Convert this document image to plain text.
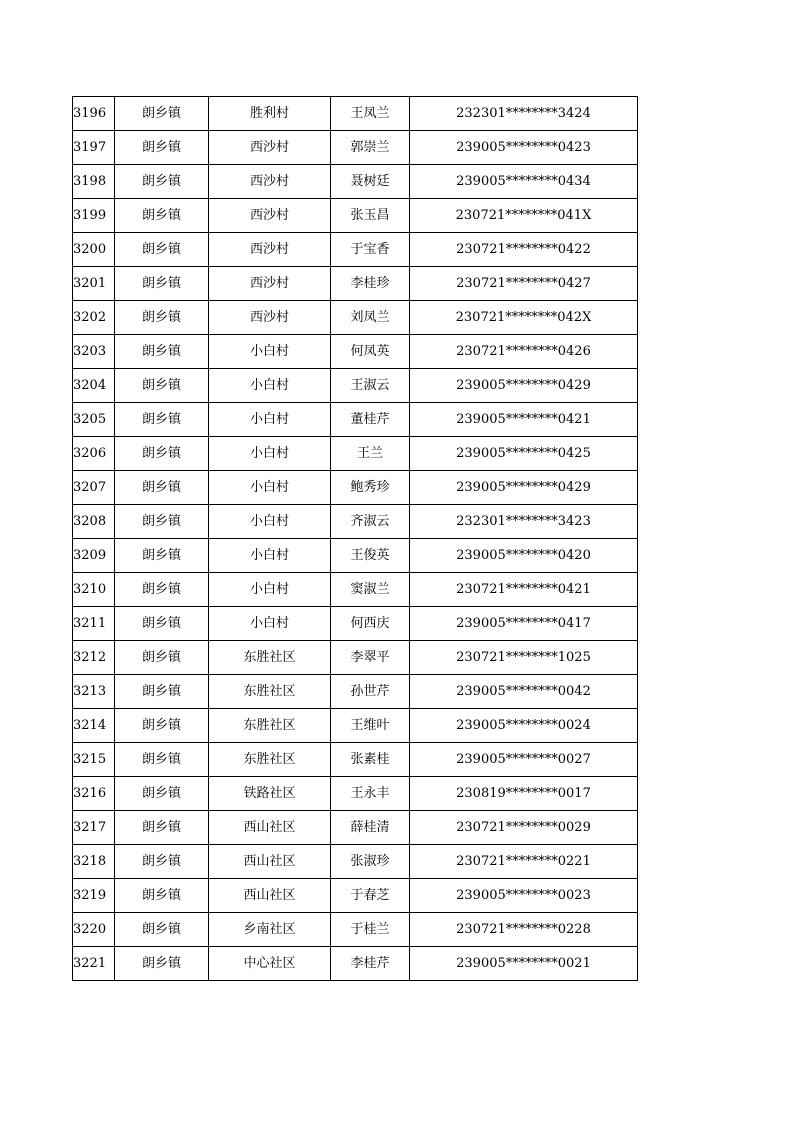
3196	朗乡镇	胜利村	王凤兰	232301********3424
3197	朗乡镇	西沙村	郭崇兰	239005********0423
3198	朗乡镇	西沙村	聂树廷	239005********0434
3199	朗乡镇	西沙村	张玉昌	230721********041X
3200	朗乡镇	西沙村	于宝香	230721********0422
3201	朗乡镇	西沙村	李桂珍	230721********0427
3202	朗乡镇	西沙村	刘凤兰	230721********042X
3203	朗乡镇	小白村	何凤英	230721********0426
3204	朗乡镇	小白村	王淑云	239005********0429
3205	朗乡镇	小白村	董桂芹	239005********0421
3206	朗乡镇	小白村	王兰	239005********0425
3207	朗乡镇	小白村	鲍秀珍	239005********0429
3208	朗乡镇	小白村	齐淑云	232301********3423
3209	朗乡镇	小白村	王俊英	239005********0420
3210	朗乡镇	小白村	窦淑兰	230721********0421
3211	朗乡镇	小白村	何西庆	239005********0417
3212	朗乡镇	东胜社区	李翠平	230721********1025
3213	朗乡镇	东胜社区	孙世芹	239005********0042
3214	朗乡镇	东胜社区	王维叶	239005********0024
3215	朗乡镇	东胜社区	张素桂	239005********0027
3216	朗乡镇	铁路社区	王永丰	230819********0017
3217	朗乡镇	西山社区	薛桂清	230721********0029
3218	朗乡镇	西山社区	张淑珍	230721********0221
3219	朗乡镇	西山社区	于春芝	239005********0023
3220	朗乡镇	乡南社区	于桂兰	230721********0228
3221	朗乡镇	中心社区	李桂芹	239005********0021
